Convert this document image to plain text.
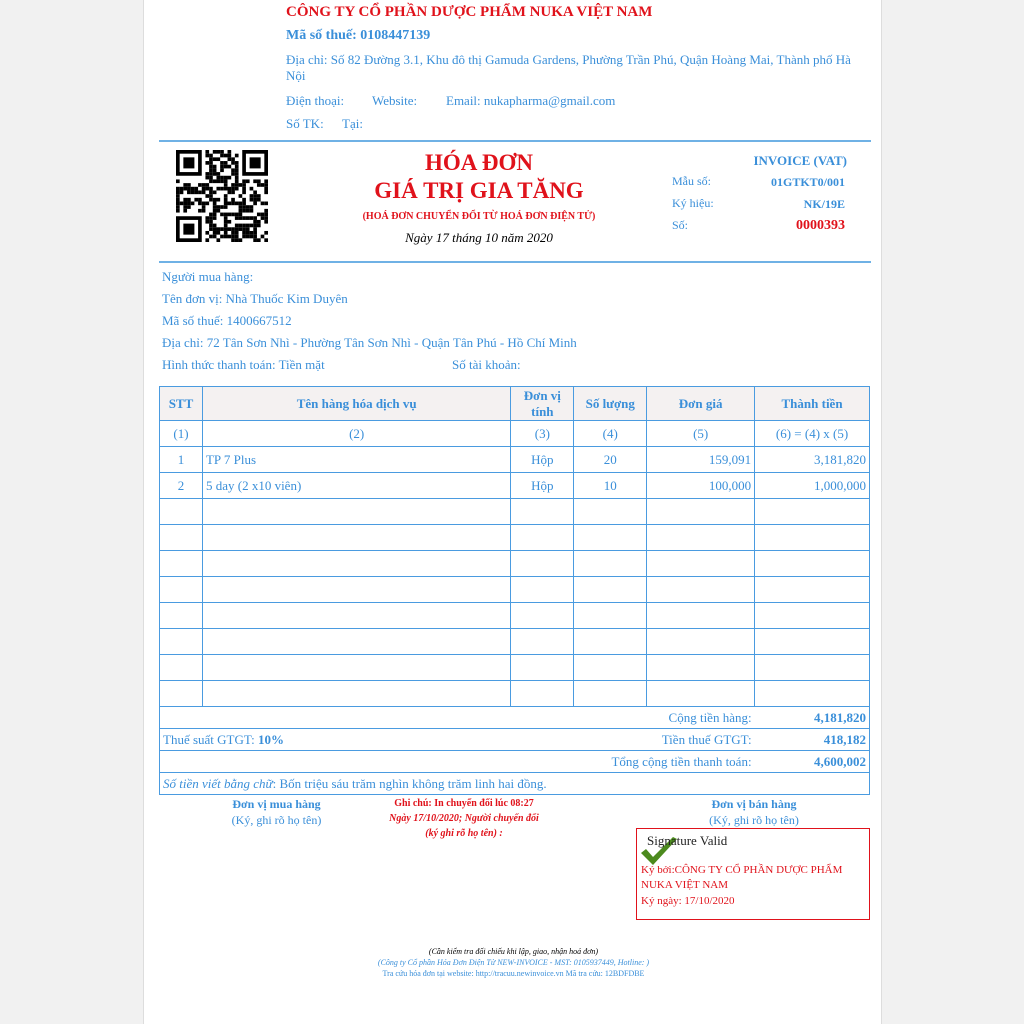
CÔNG TY CỔ PHẦN DƯỢC PHẨM NUKA VIỆT NAM
Mã số thuế: 0108447139
Địa chỉ: Số 82 Đường 3.1, Khu đô thị Gamuda Gardens, Phường Trần Phú, Quận Hoàng Mai, Thành phố Hà Nội
Điện thoại: Website: Email: nukapharma@gmail.com
Số TK: Tại:
HÓA ĐƠN
GIÁ TRỊ GIA TĂNG
(HOÁ ĐƠN CHUYỂN ĐỔI TỪ HOÁ ĐƠN ĐIỆN TỬ)
Ngày 17 tháng 10 năm 2020
INVOICE (VAT)
Mẫu số:	01GTKT0/001
Ký hiệu:	NK/19E
Số:	0000393
Người mua hàng:
Tên đơn vị: Nhà Thuốc Kim Duyên
Mã số thuế: 1400667512
Địa chỉ: 72 Tân Sơn Nhì - Phường Tân Sơn Nhì - Quận Tân Phú - Hồ Chí Minh
Hình thức thanh toán: Tiền mặt	Số tài khoản:
STT	Tên hàng hóa dịch vụ	Đơn vị tính	Số lượng	Đơn giá	Thành tiền
(1)	(2)	(3)	(4)	(5)	(6) = (4) x (5)
1	TP 7 Plus	Hộp	20	159,091	3,181,820
2	5 day (2 x10 viên)	Hộp	10	100,000	1,000,000

Cộng tiền hàng:					4,181,820
Thuế suất GTGT: 10%			Tiền thuế GTGT:		418,182
Tổng cộng tiền thanh toán:					4,600,002
Số tiền viết bằng chữ: Bốn triệu sáu trăm nghìn không trăm linh hai đồng.					
Đơn vị mua hàng
(Ký, ghi rõ họ tên)
Ghi chú: In chuyển đổi lúc 08:27
Ngày 17/10/2020; Người chuyển đổi
(ký ghi rõ họ tên) :
Đơn vị bán hàng
(Ký, ghi rõ họ tên)
Signature Valid
Ký bởi:CÔNG TY CỔ PHẦN DƯỢC PHẨM NUKA VIỆT NAM
Ký ngày: 17/10/2020
(Cần kiểm tra đối chiếu khi lập, giao, nhận hoá đơn)
(Công ty Cổ phần Hóa Đơn Điện Tử NEW-INVOICE - MST: 0105937449, Hotline: )
Tra cứu hóa đơn tại website: http://tracuu.newinvoice.vn Mã tra cứu: 12BDFDBE
